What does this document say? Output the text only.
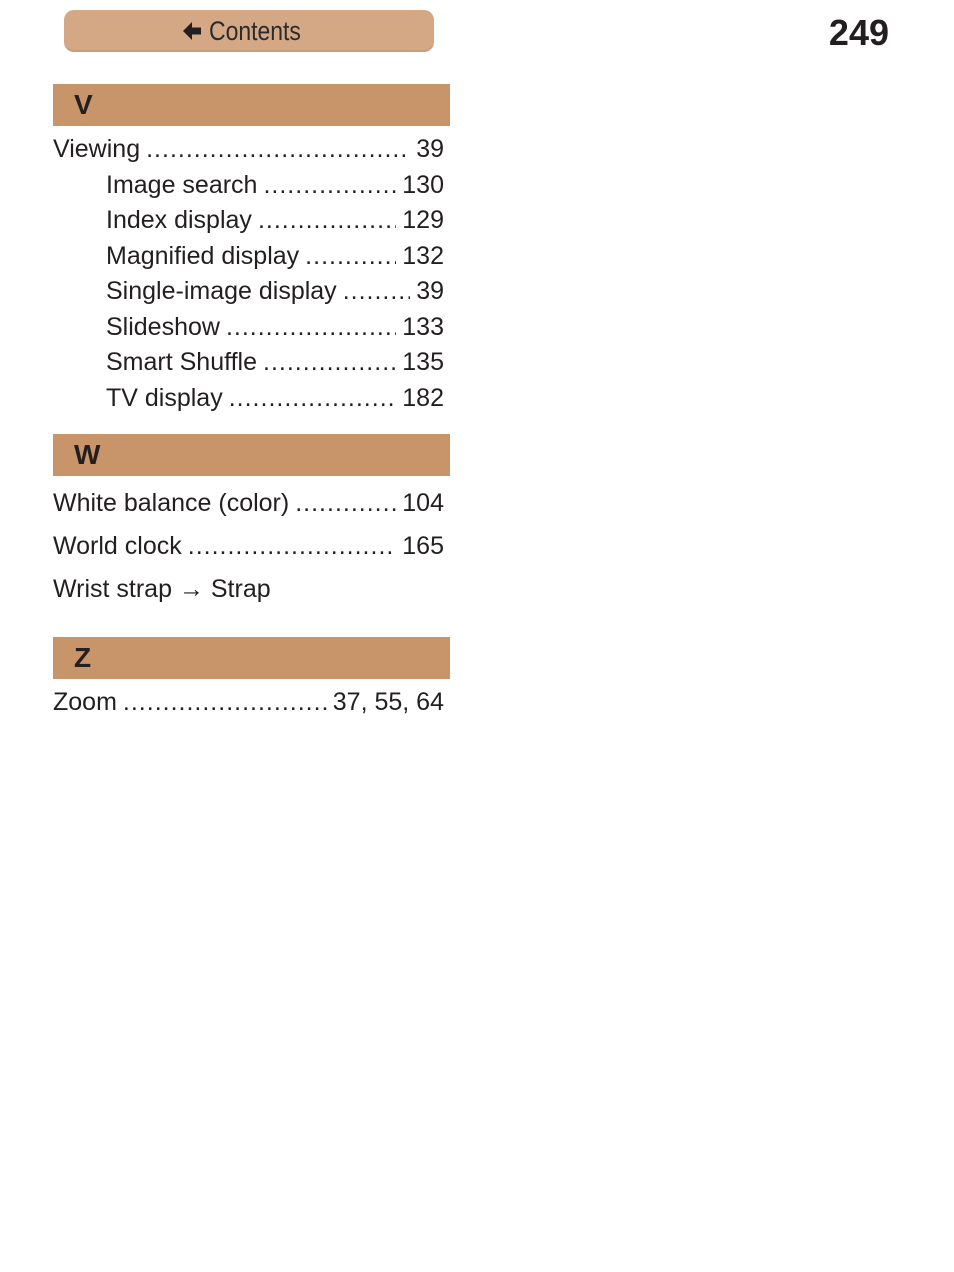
Contents	249
V
Viewing .....	39
Image search .....	130
Index display .....	129
Magnified display .....	132
Single-image display .....	39
Slideshow .....	133
Smart Shuffle .....	135
TV display .....	182
W
White balance (color) .....	104
World clock .....	165
Wrist strap → Strap
Z
Zoom .....	37, 55, 64
